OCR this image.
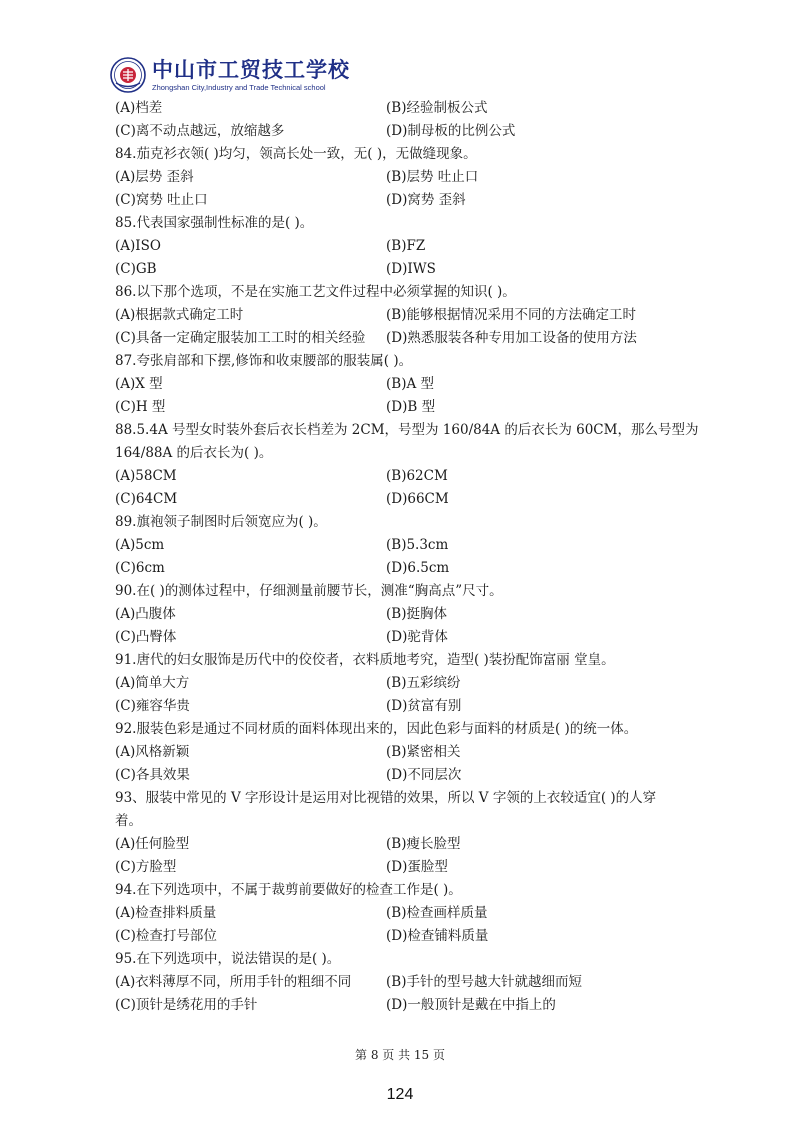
中山市工贸技工学校
Zhongshan City,Industry and Trade Technical school
(A)档差	(B)经验制板公式
(C)离不动点越远，放缩越多	(D)制母板的比例公式
84.茄克衫衣领( )均匀，领高长处一致，无( )，无做缝现象。
(A)层势 歪斜	(B)层势 吐止口
(C)窝势 吐止口	(D)窝势 歪斜
85.代表国家强制性标准的是( )。
(A)ISO	(B)FZ
(C)GB	(D)IWS
86.以下那个选项，不是在实施工艺文件过程中必须掌握的知识( )。
(A)根据款式确定工时	(B)能够根据情况采用不同的方法确定工时
(C)具备一定确定服装加工工时的相关经验	(D)熟悉服装各种专用加工设备的使用方法
87.夸张肩部和下摆,修饰和收束腰部的服装属( )。
(A)X 型	(B)A 型
(C)H 型	(D)B 型
88.5.4A 号型女时装外套后衣长档差为 2CM，号型为 160/84A 的后衣长为 60CM，那么号型为
164/88A 的后衣长为( )。
(A)58CM	(B)62CM
(C)64CM	(D)66CM
89.旗袍领子制图时后领宽应为( )。
(A)5cm	(B)5.3cm
(C)6cm	(D)6.5cm
90.在( )的测体过程中，仔细测量前腰节长，测准“胸高点”尺寸。
(A)凸腹体	(B)挺胸体
(C)凸臀体	(D)驼背体
91.唐代的妇女服饰是历代中的佼佼者，衣料质地考究，造型( )装扮配饰富丽 堂皇。
(A)简单大方	(B)五彩缤纷
(C)雍容华贵	(D)贫富有别
92.服装色彩是通过不同材质的面料体现出来的，因此色彩与面料的材质是( )的统一体。
(A)风格新颖	(B)紧密相关
(C)各具效果	(D)不同层次
93、服装中常见的 V 字形设计是运用对比视错的效果，所以 V 字领的上衣较适宜( )的人穿
着。
(A)任何脸型	(B)瘦长脸型
(C)方脸型	(D)蛋脸型
94.在下列选项中，不属于裁剪前要做好的检查工作是( )。
(A)检查排料质量	(B)检查画样质量
(C)检查打号部位	(D)检查铺料质量
95.在下列选项中，说法错误的是( )。
(A)衣料薄厚不同，所用手针的粗细不同	(B)手针的型号越大针就越细而短
(C)顶针是绣花用的手针	(D)一般顶针是戴在中指上的
第 8 页 共 15 页
124
